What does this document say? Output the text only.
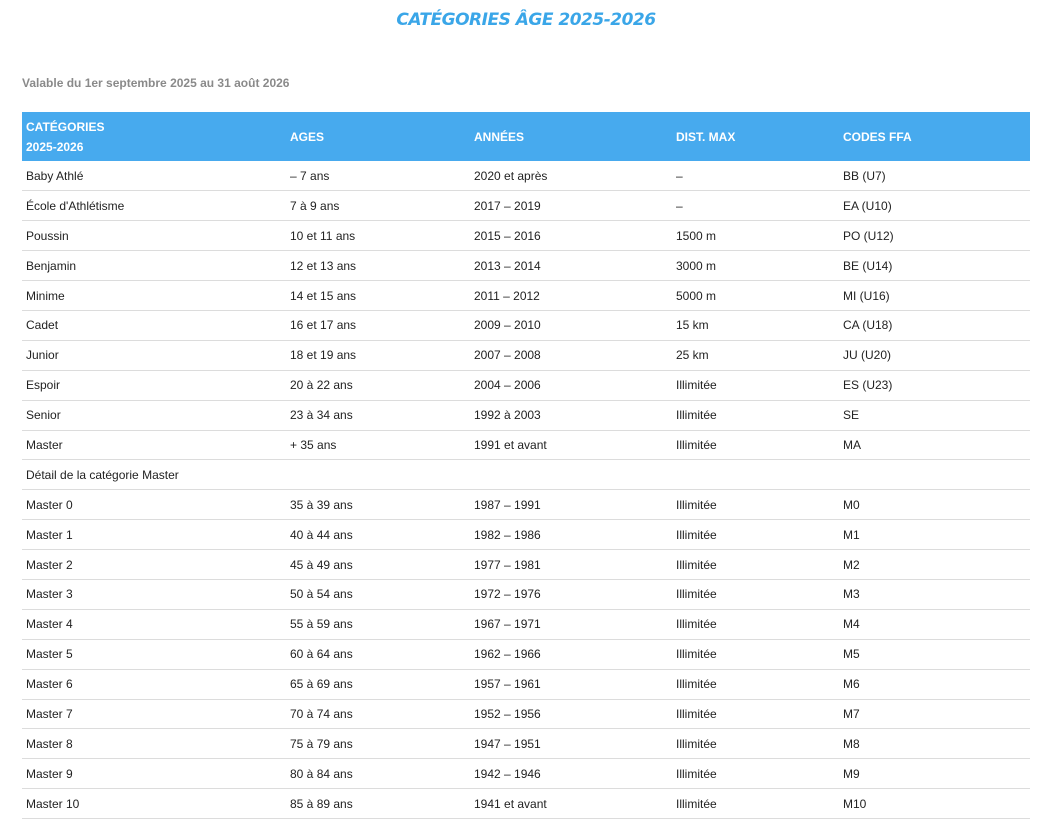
CATÉGORIES ÂGE 2025-2026

Valable du 1er septembre 2025 au 31 août 2026

CATÉGORIES
2025-2026	AGES	ANNÉES	DIST. MAX	CODES FFA
Baby Athlé	– 7 ans	2020 et après	–	BB (U7)
École d'Athlétisme	7 à 9 ans	2017 – 2019	–	EA (U10)
Poussin	10 et 11 ans	2015 – 2016	1500 m	PO (U12)
Benjamin	12 et 13 ans	2013 – 2014	3000 m	BE (U14)
Minime	14 et 15 ans	2011 – 2012	5000 m	MI (U16)
Cadet	16 et 17 ans	2009 – 2010	15 km	CA (U18)
Junior	18 et 19 ans	2007 – 2008	25 km	JU (U20)
Espoir	20 à 22 ans	2004 – 2006	Illimitée	ES (U23)
Senior	23 à 34 ans	1992 à 2003	Illimitée	SE
Master	+ 35 ans	1991 et avant	Illimitée	MA
Détail de la catégorie Master				
Master 0	35 à 39 ans	1987 – 1991	Illimitée	M0
Master 1	40 à 44 ans	1982 – 1986	Illimitée	M1
Master 2	45 à 49 ans	1977 – 1981	Illimitée	M2
Master 3	50 à 54 ans	1972 – 1976	Illimitée	M3
Master 4	55 à 59 ans	1967 – 1971	Illimitée	M4
Master 5	60 à 64 ans	1962 – 1966	Illimitée	M5
Master 6	65 à 69 ans	1957 – 1961	Illimitée	M6
Master 7	70 à 74 ans	1952 – 1956	Illimitée	M7
Master 8	75 à 79 ans	1947 – 1951	Illimitée	M8
Master 9	80 à 84 ans	1942 – 1946	Illimitée	M9
Master 10	85 à 89 ans	1941 et avant	Illimitée	M10
